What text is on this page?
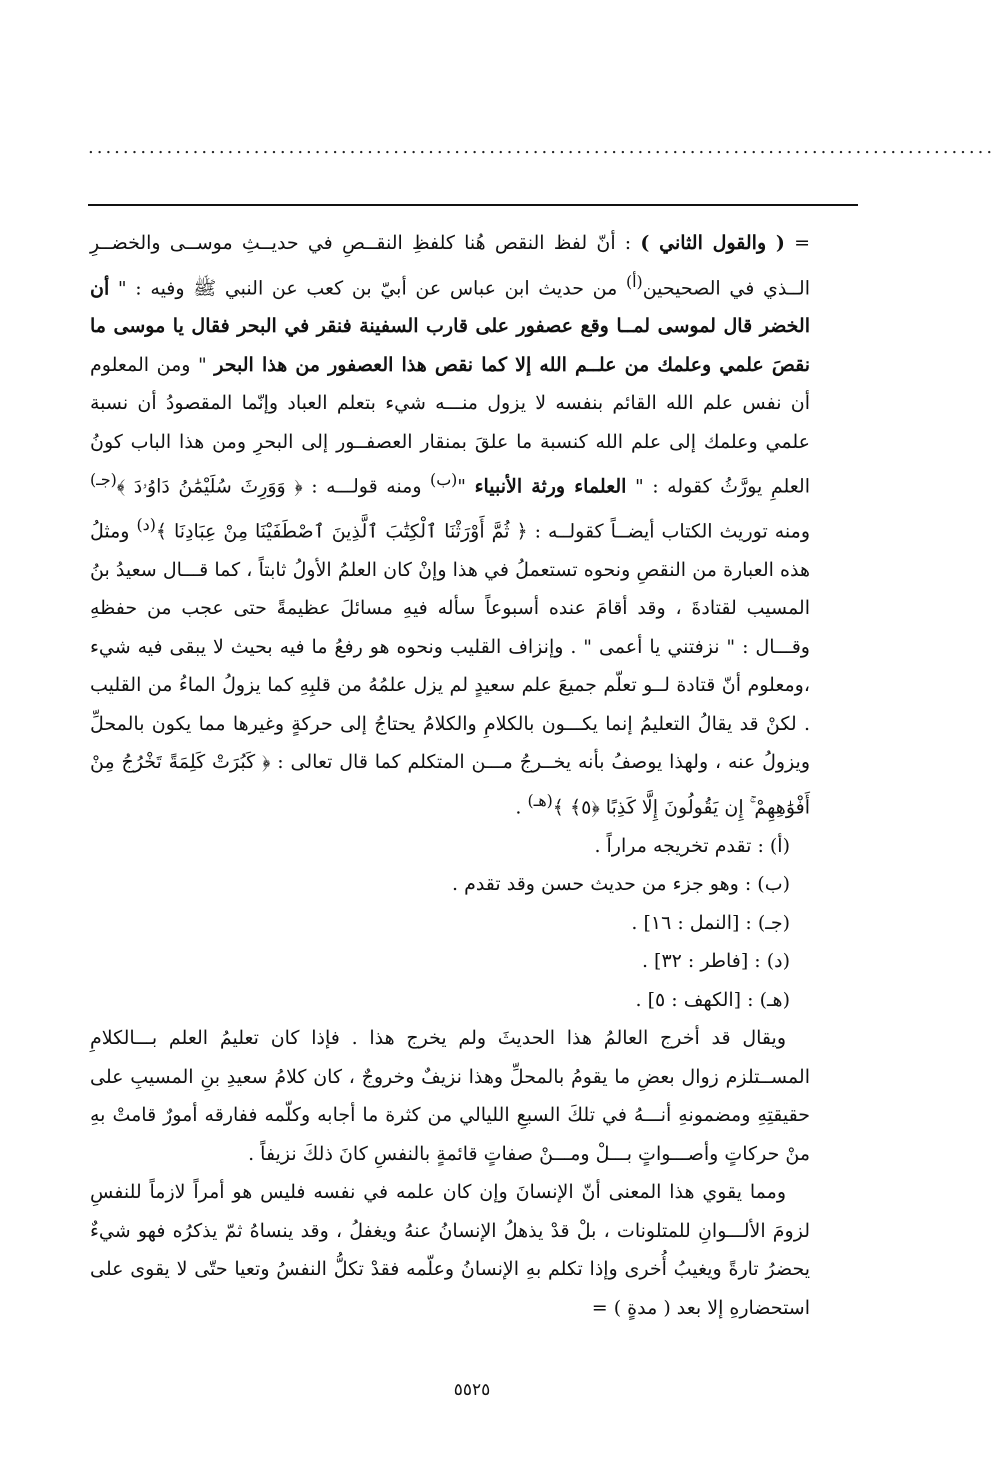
........................................................................................................

= ( والقول الثاني ) : أنّ لفظ النقص هُنا كلفظِ النقــصِ في حديــثِ موســى والخضــرِ الــذي في الصحيحين$^{(أ)}$ من حديث ابن عباس عن أبيّ بن كعب عن النبي ﷺ وفيه : " أن الخضر قال لموسى لمــا وقع عصفور على قارب السفينة فنقر في البحر فقال يا موسى ما نقصَ علمي وعلمك من علــم الله إلا كما نقص هذا العصفور من هذا البحر " ومن المعلوم أن نفس علم الله القائم بنفسه لا يزول منـــه شيء بتعلم العباد وإنّما المقصودُ أن نسبة علمي وعلمك إلى علم الله كنسبة ما علقَ بمنقار العصفــور إلى البحرِ ومن هذا الباب كونُ العلمِ يورَّثُ كقوله : " العلماء ورثة الأنبياء "$^{(ب)}$ ومنه قولـــه : ﴿ وَوَرِثَ سُلَيْمَٰنُ دَاوُۥدَ ﴾$^{(جـ)}$ ومنه توريث الكتاب أيضــاً كقولــه : ﴿ ثُمَّ أَوْرَثْنَا ٱلْكِتَٰبَ ٱلَّذِينَ ٱصْطَفَيْنَا مِنْ عِبَادِنَا ﴾$^{(د)}$ ومثلُ هذه العبارة من النقصِ ونحوه تستعملُ في هذا وإنْ كان العلمُ الأولُ ثابتاً ، كما قـــال سعيدُ بنُ المسيب لقتادةَ ، وقد أقامَ عنده أسبوعاً سأله فيهِ مسائلَ عظيمةً حتى عجب من حفظهِ وقـــال : " نزفتني يا أعمى " . وإنزاف القليب ونحوه هو رفعُ ما فيه بحيث لا يبقى فيه شيء ،ومعلوم أنّ قتادة لــو تعلّم جميعَ علم سعيدٍ لم يزل علمُهُ من قلبِهِ كما يزولُ الماءُ من القليب . لكنْ قد يقالُ التعليمُ إنما يكـــون بالكلامِ والكلامُ يحتاجُ إلى حركةٍ وغيرها مما يكون بالمحلِّ ويزولُ عنه ، ولهذا يوصفُ بأنه يخــرجُ مـــن المتكلم كما قال تعالى : ﴿ كَبُرَتْ كَلِمَةً تَخْرُجُ مِنْ أَفْوَٰهِهِمْ ۚ إِن يَقُولُونَ إِلَّا كَذِبًا ﴿٥﴾ ﴾$^{(هـ)}$ .

(أ) : تقدم تخريجه مراراً .
(ب) : وهو جزء من حديث حسن وقد تقدم .
(جـ) : [النمل : ١٦] .
(د) : [فاطر : ٣٢] .
(هـ) : [الكهف : ٥] .

ويقال قد أخرج العالمُ هذا الحديثَ ولم يخرج هذا . فإذا كان تعليمُ العلم بـــالكلامِ المســتلزم زوال بعضِ ما يقومُ بالمحلِّ وهذا نزيفٌ وخروجٌ ، كان كلامُ سعيدِ بنِ المسيبِ على حقيقتِهِ ومضمونهِ أنـــهُ في تلكَ السبعِ الليالي من كثرة ما أجابه وكلّمه ففارقه أمورٌ قامتْ بهِ منْ حركاتٍ وأصـــواتٍ بـــلْ ومـــنْ صفاتٍ قائمةٍ بالنفسِ كانَ ذلكَ نزيفاً .

ومما يقوي هذا المعنى أنّ الإنسانَ وإن كان علمه في نفسه فليس هو أمراً لازماً للنفسِ لزومَ الألـــوانِ للمتلونات ، بلْ قدْ يذهلُ الإنسانُ عنهُ ويغفلُ ، وقد ينساهُ ثمّ يذكرُه فهو شيءٌ يحضرُ تارةً ويغيبُ أُخرى وإذا تكلم بهِ الإنسانُ وعلّمه فقدْ تكلُّ النفسُ وتعيا حتّى لا يقوى على استحضارهِ إلا بعد ( مدةٍ ) =

٥٥٢٥
